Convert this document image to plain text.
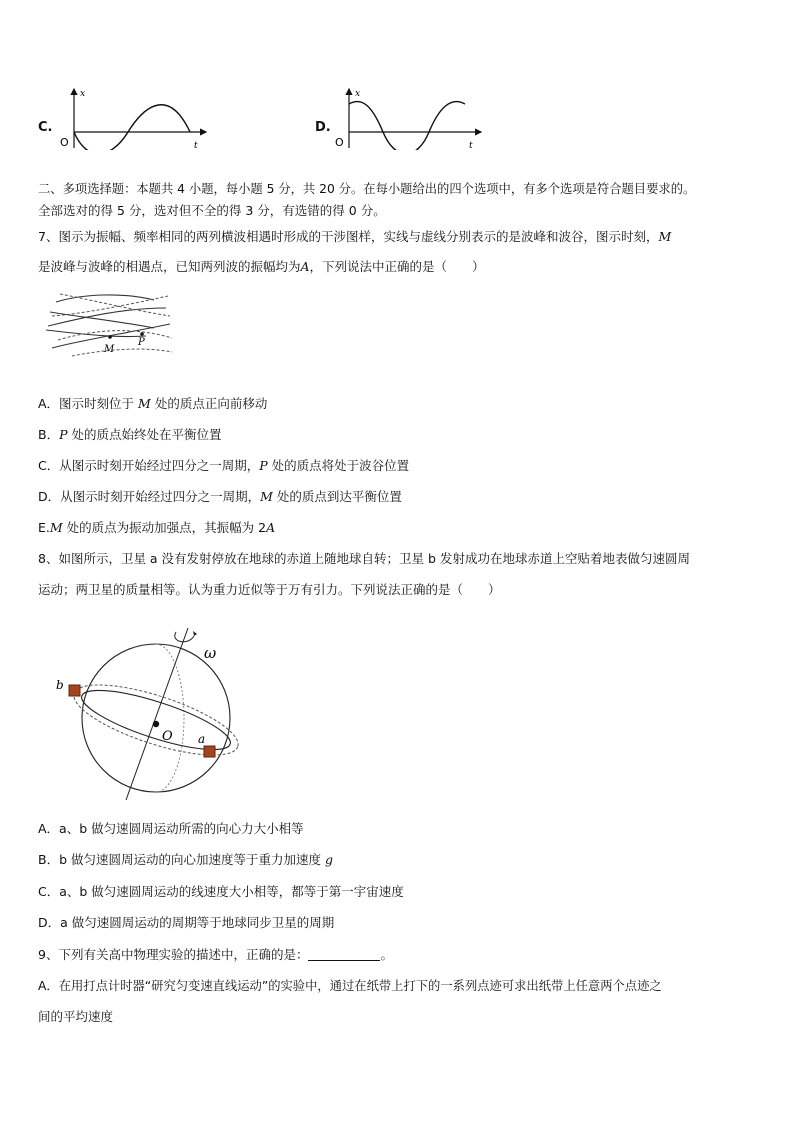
C.
x
O	t
D.
x
O	t
二、多项选择题：本题共 4 小题，每小题 5 分，共 20 分。在每小题给出的四个选项中，有多个选项是符合题目要求的。
全部选对的得 5 分，选对但不全的得 3 分，有选错的得 0 分。
7、图示为振幅、频率相同的两列横波相遇时形成的干涉图样，实线与虚线分别表示的是波峰和波谷，图示时刻，M
是波峰与波峰的相遇点，已知两列波的振幅均为A，下列说法中正确的是（　　）
M
P
A．图示时刻位于 M 处的质点正向前移动
B．P 处的质点始终处在平衡位置
C．从图示时刻开始经过四分之一周期，P 处的质点将处于波谷位置
D．从图示时刻开始经过四分之一周期，M 处的质点到达平衡位置
E.M 处的质点为振动加强点，其振幅为 2A
8、如图所示，卫星 a 没有发射停放在地球的赤道上随地球自转；卫星 b 发射成功在地球赤道上空贴着地表做匀速圆周
运动；两卫星的质量相等。认为重力近似等于万有引力。下列说法正确的是（　　）
ω
O a
b
A．a、b 做匀速圆周运动所需的向心力大小相等
B．b 做匀速圆周运动的向心加速度等于重力加速度 g
C．a、b 做匀速圆周运动的线速度大小相等，都等于第一宇宙速度
D．a 做匀速圆周运动的周期等于地球同步卫星的周期
9、下列有关高中物理实验的描述中，正确的是：	。
A．在用打点计时器“研究匀变速直线运动”的实验中，通过在纸带上打下的一系列点迹可求出纸带上任意两个点迹之
间的平均速度
